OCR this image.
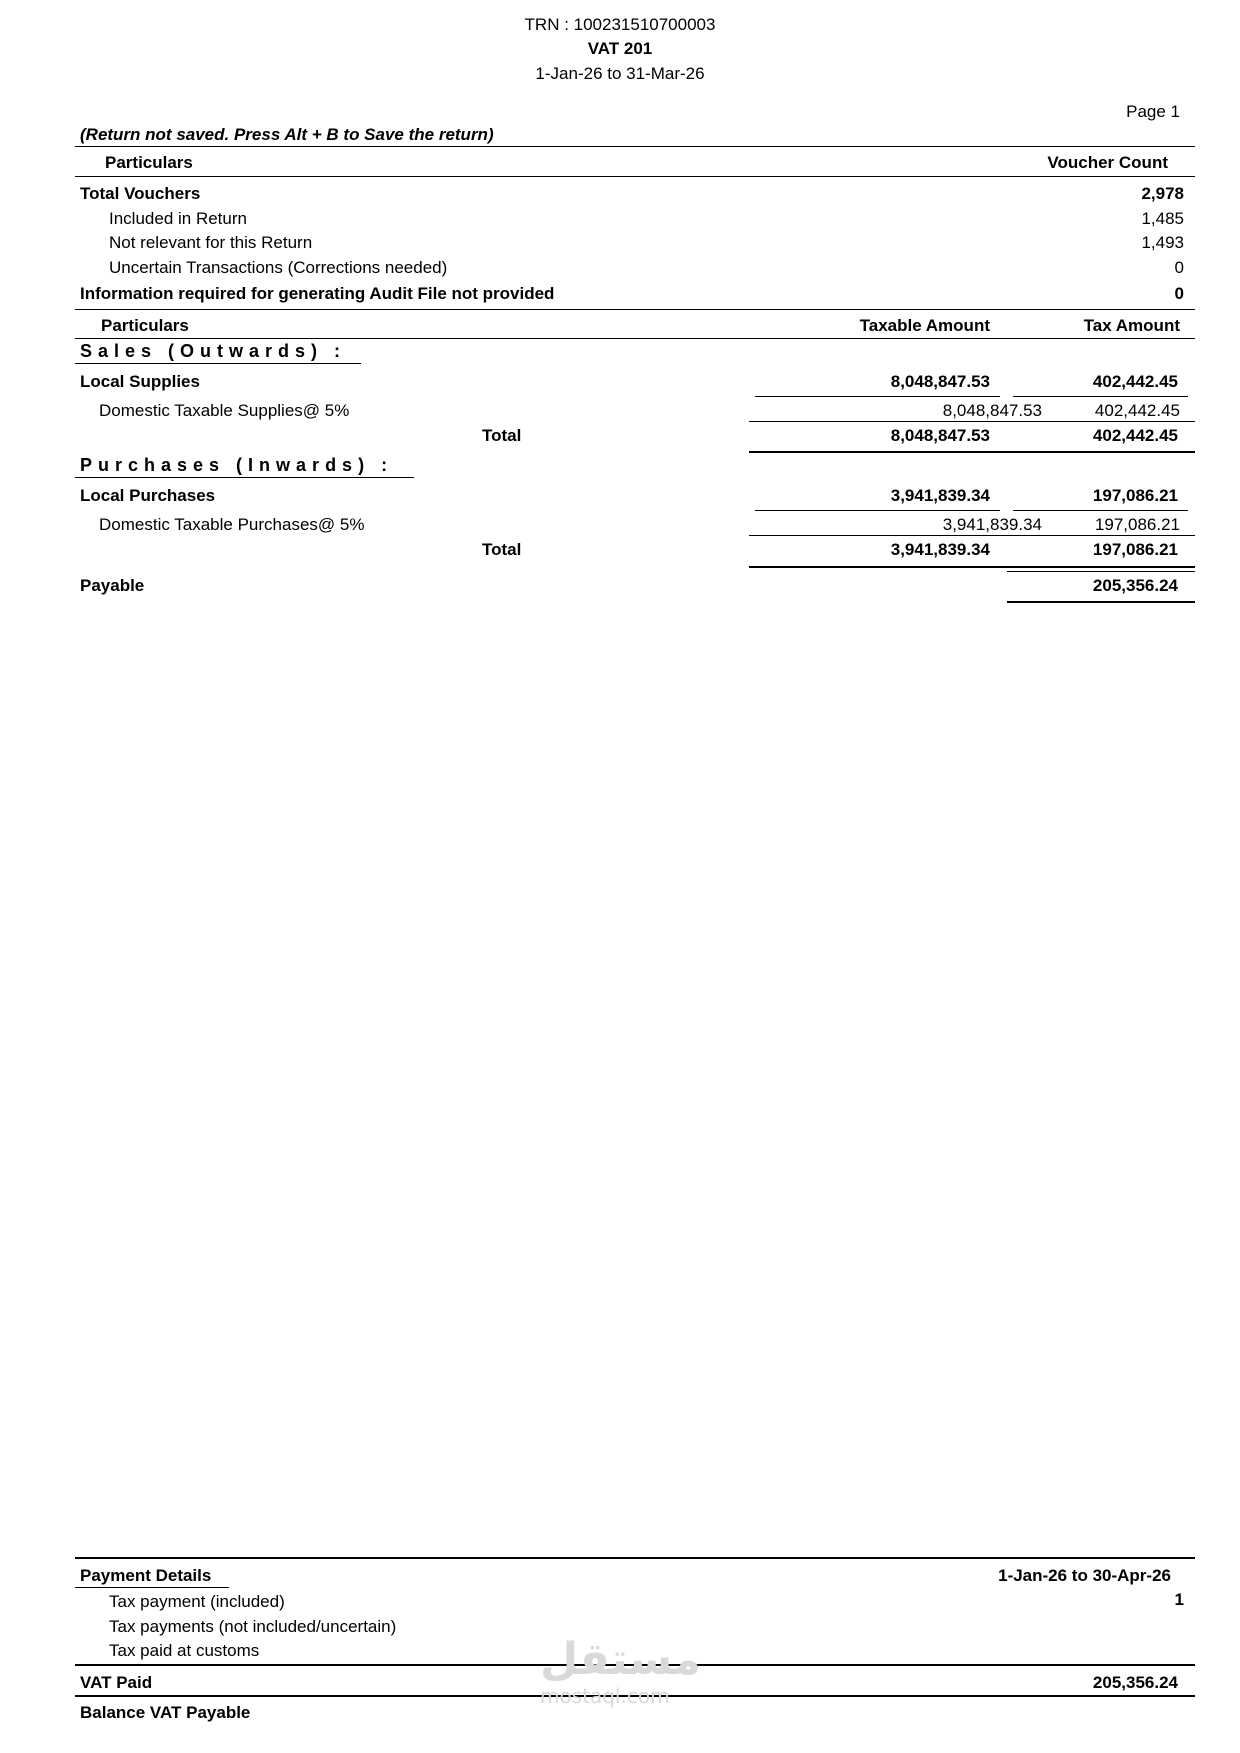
TRN : 100231510700003
VAT 201
1-Jan-26 to 31-Mar-26
Page 1
(Return not saved. Press Alt + B to Save the return)
Particulars	Voucher Count
Total Vouchers	2,978
Included in Return	1,485
Not relevant for this Return	1,493
Uncertain Transactions (Corrections needed)	0
Information required for generating Audit File not provided	0
Particulars	Taxable Amount	Tax Amount
Sales (Outwards) :
Local Supplies	8,048,847.53	402,442.45
Domestic Taxable Supplies@ 5%	8,048,847.53	402,442.45
Total	8,048,847.53	402,442.45
Purchases (Inwards) :
Local Purchases	3,941,839.34	197,086.21
Domestic Taxable Purchases@ 5%	3,941,839.34	197,086.21
Total	3,941,839.34	197,086.21
Payable	205,356.24
Payment Details	1-Jan-26 to 30-Apr-26
Tax payment (included)	1
Tax payments (not included/uncertain)
Tax paid at customs
VAT Paid	205,356.24
Balance VAT Payable
مستقل
mostaql.com
